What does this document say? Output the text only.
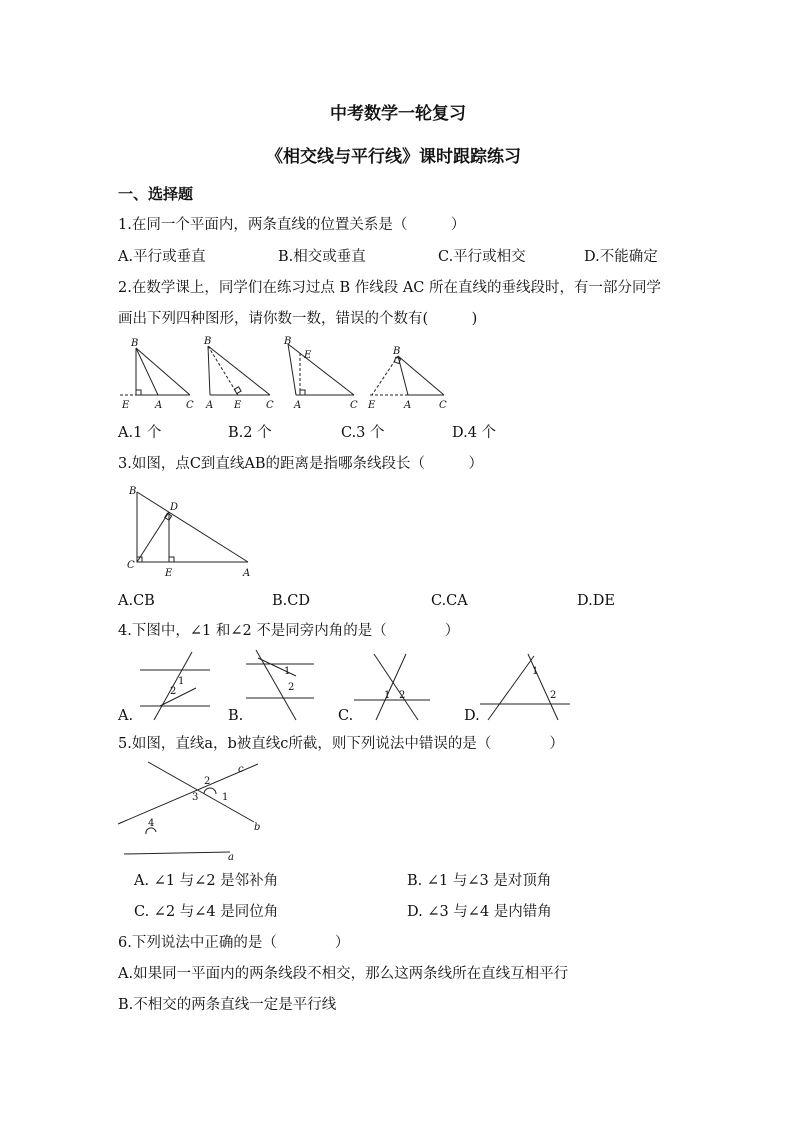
中考数学一轮复习
《相交线与平行线》课时跟踪练习
一、选择题
1.在同一个平面内，两条直线的位置关系是（　　　）
A.平行或垂直	B.相交或垂直	C.平行或相交	D.不能确定
2.在数学课上，同学们在练习过点 B 作线段 AC 所在直线的垂线段时，有一部分同学
画出下列四种图形，请你数一数，错误的个数有(　　　)
B
E	A C
B
A E C
B
E
A	C
B
E	A	C
A.1 个	B.2 个	C.3 个	D.4 个
3.如图，点C到直线AB的距离是指哪条线段长（　　　）
B
D
C
E	A
A.CB	B.CD	C.CA	D.DE
4.下图中，∠1 和∠2 不是同旁内角的是（　　　　）
1
2
1
2
1 2
1
2
A.	B.	C.	D.
5.如图，直线a，b被直线c所截，则下列说法中错误的是（　　　　）
c
b
a
1
2
3
4
A. ∠1 与∠2 是邻补角	B. ∠1 与∠3 是对顶角
C. ∠2 与∠4 是同位角	D. ∠3 与∠4 是内错角
6.下列说法中正确的是（　　　　）
A.如果同一平面内的两条线段不相交，那么这两条线所在直线互相平行
B.不相交的两条直线一定是平行线
